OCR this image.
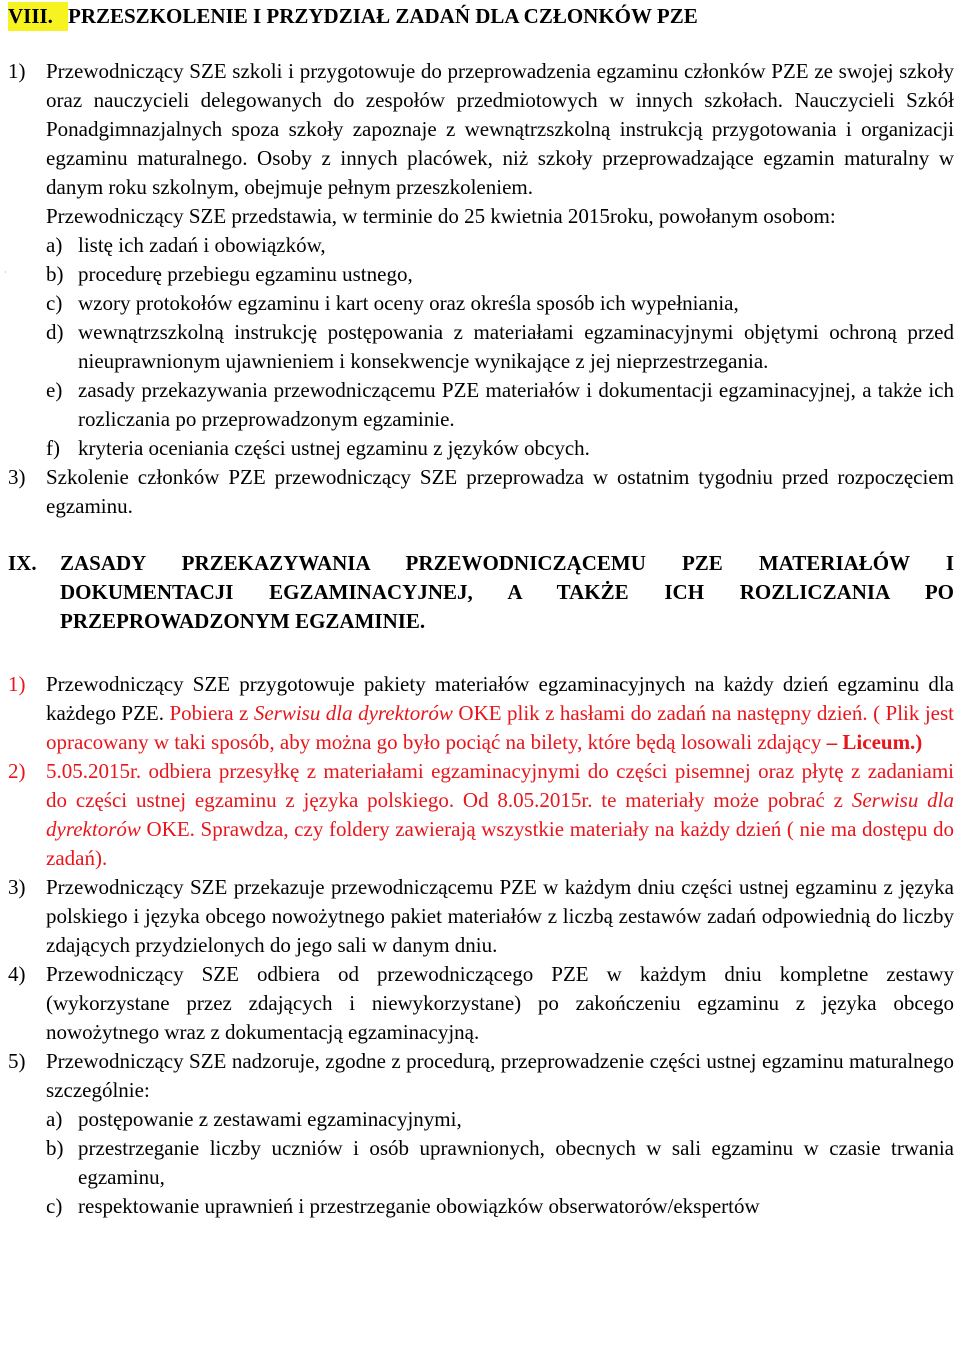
·
VIII. PRZESZKOLENIE I PRZYDZIAŁ ZADAŃ DLA CZŁONKÓW PZE
1) Przewodniczący SZE szkoli i przygotowuje do przeprowadzenia egzaminu członków PZE ze swojej szkoły oraz nauczycieli delegowanych do zespołów przedmiotowych w innych szkołach. Nauczycieli Szkół Ponadgimnazjalnych spoza szkoły zapoznaje z wewnątrzszkolną instrukcją przygotowania i organizacji egzaminu maturalnego. Osoby z innych placówek, niż szkoły przeprowadzające egzamin maturalny w danym roku szkolnym, obejmuje pełnym przeszkoleniem.
Przewodniczący SZE przedstawia, w terminie do 25 kwietnia 2015roku, powołanym osobom:
a) listę ich zadań i obowiązków,
b) procedurę przebiegu egzaminu ustnego,
c) wzory protokołów egzaminu i kart oceny oraz określa sposób ich wypełniania,
d) wewnątrzszkolną instrukcję postępowania z materiałami egzaminacyjnymi objętymi ochroną przed nieuprawnionym ujawnieniem i konsekwencje wynikające z jej nieprzestrzegania.
e) zasady przekazywania przewodniczącemu PZE materiałów i dokumentacji egzaminacyjnej, a także ich rozliczania po przeprowadzonym egzaminie.
f) kryteria oceniania części ustnej egzaminu z języków obcych.
3) Szkolenie członków PZE przewodniczący SZE przeprowadza w ostatnim tygodniu przed rozpoczęciem egzaminu.
IX.	ZASADY PRZEKAZYWANIA PRZEWODNICZĄCEMU PZE MATERIAŁÓW I DOKUMENTACJI EGZAMINACYJNEJ, A TAKŻE ICH ROZLICZANIA PO PRZEPROWADZONYM EGZAMINIE.
1) Przewodniczący SZE przygotowuje pakiety materiałów egzaminacyjnych na każdy dzień egzaminu dla każdego PZE. Pobiera z Serwisu dla dyrektorów OKE plik z hasłami do zadań na następny dzień. ( Plik jest opracowany w taki sposób, aby można go było pociąć na bilety, które będą losowali zdający – Liceum.)
2) 5.05.2015r. odbiera przesyłkę z materiałami egzaminacyjnymi do części pisemnej oraz płytę z zadaniami do części ustnej egzaminu z języka polskiego. Od 8.05.2015r. te materiały może pobrać z Serwisu dla dyrektorów OKE. Sprawdza, czy foldery zawierają wszystkie materiały na każdy dzień ( nie ma dostępu do zadań).
3) Przewodniczący SZE przekazuje przewodniczącemu PZE w każdym dniu części ustnej egzaminu z języka polskiego i języka obcego nowożytnego pakiet materiałów z liczbą zestawów zadań odpowiednią do liczby zdających przydzielonych do jego sali w danym dniu.
4) Przewodniczący SZE odbiera od przewodniczącego PZE w każdym dniu kompletne zestawy (wykorzystane przez zdających i niewykorzystane) po zakończeniu egzaminu z języka obcego nowożytnego wraz z dokumentacją egzaminacyjną.
5) Przewodniczący SZE nadzoruje, zgodne z procedurą, przeprowadzenie części ustnej egzaminu maturalnego szczególnie:
a) postępowanie z zestawami egzaminacyjnymi,
b) przestrzeganie liczby uczniów i osób uprawnionych, obecnych w sali egzaminu w czasie trwania egzaminu,
c) respektowanie uprawnień i przestrzeganie obowiązków obserwatorów/ekspertów
